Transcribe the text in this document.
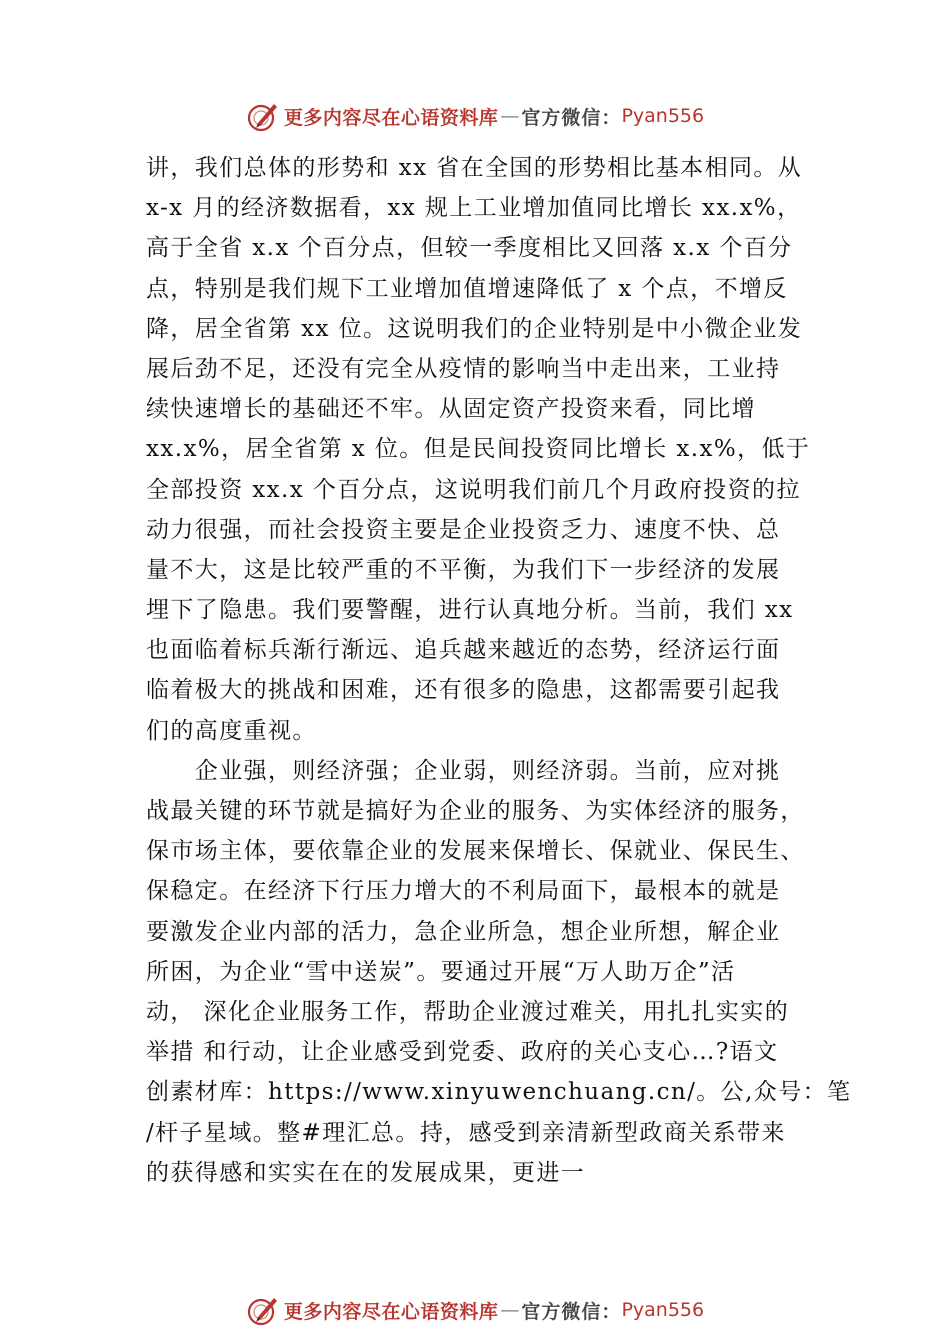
更多内容尽在心语资料库 — 官方微信： Pyan556
讲，我们总体的形势和 xx 省在全国的形势相比基本相同。从
x-x 月的经济数据看，xx 规上工业增加值同比增长 xx.x%，
高于全省 x.x 个百分点，但较一季度相比又回落 x.x 个百分
点，特别是我们规下工业增加值增速降低了 x 个点，不增反
降，居全省第 xx 位。这说明我们的企业特别是中小微企业发
展后劲不足，还没有完全从疫情的影响当中走出来，工业持
续快速增长的基础还不牢。从固定资产投资来看，同比增
xx.x%，居全省第 x 位。但是民间投资同比增长 x.x%，低于
全部投资 xx.x 个百分点，这说明我们前几个月政府投资的拉
动力很强，而社会投资主要是企业投资乏力、速度不快、总
量不大，这是比较严重的不平衡，为我们下一步经济的发展
埋下了隐患。我们要警醒，进行认真地分析。当前，我们 xx
也面临着标兵渐行渐远、追兵越来越近的态势，经济运行面
临着极大的挑战和困难，还有很多的隐患，这都需要引起我
们的高度重视。
　　企业强，则经济强；企业弱，则经济弱。当前，应对挑
战最关键的环节就是搞好为企业的服务、为实体经济的服务，
保市场主体，要依靠企业的发展来保增长、保就业、保民生、
保稳定。在经济下行压力增大的不利局面下，最根本的就是
要激发企业内部的活力，急企业所急，想企业所想，解企业
所困，为企业“雪中送炭”。要通过开展“万人助万企”活
动， 深化企业服务工作，帮助企业渡过难关，用扎扎实实的
举措 和行动，让企业感受到党委、政府的关心支心…?语文
创素材库：https://www.xinyuwenchuang.cn/。公,众号：笔
/杆子星域。整#理汇总。持，感受到亲清新型政商关系带来
的获得感和实实在在的发展成果，更进一
更多内容尽在心语资料库 — 官方微信： Pyan556
